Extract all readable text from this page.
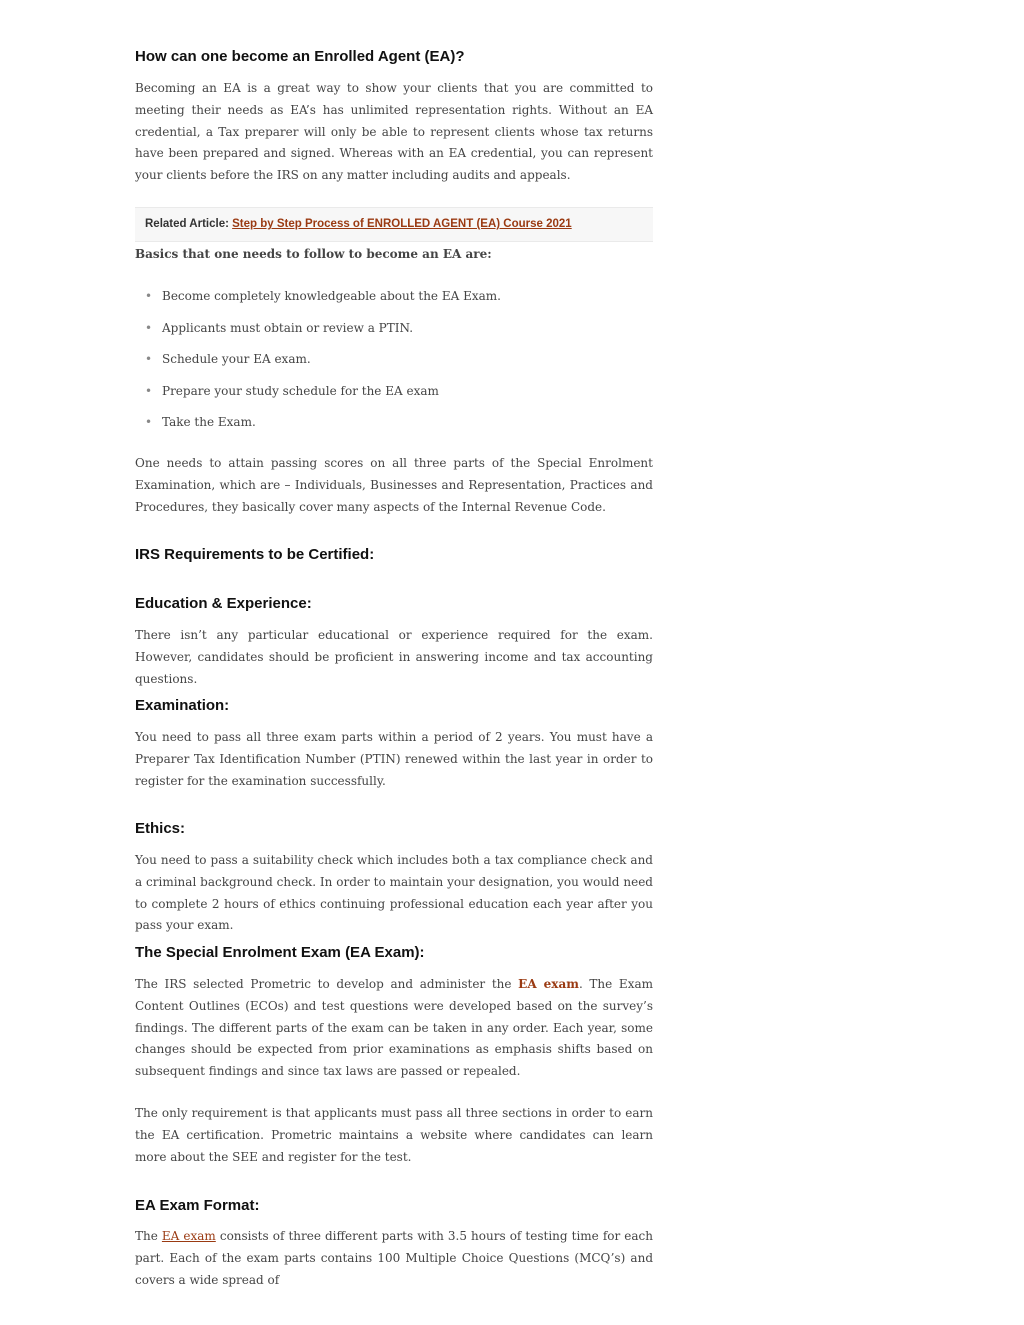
How can one become an Enrolled Agent (EA)?

Becoming an EA is a great way to show your clients that you are committed to meeting their needs as EA’s has unlimited representation rights. Without an EA credential, a Tax preparer will only be able to represent clients whose tax returns have been prepared and signed. Whereas with an EA credential, you can represent your clients before the IRS on any matter including audits and appeals.

Related Article: Step by Step Process of ENROLLED AGENT (EA) Course 2021

Basics that one needs to follow to become an EA are:

• Become completely knowledgeable about the EA Exam.
• Applicants must obtain or review a PTIN.
• Schedule your EA exam.
• Prepare your study schedule for the EA exam
• Take the Exam.

One needs to attain passing scores on all three parts of the Special Enrolment Examination, which are – Individuals, Businesses and Representation, Practices and Procedures, they basically cover many aspects of the Internal Revenue Code.

IRS Requirements to be Certified:
Education & Experience:

There isn’t any particular educational or experience required for the exam. However, candidates should be proficient in answering income and tax accounting questions.

Examination:

You need to pass all three exam parts within a period of 2 years. You must have a Preparer Tax Identification Number (PTIN) renewed within the last year in order to register for the examination successfully.

Ethics:

You need to pass a suitability check which includes both a tax compliance check and a criminal background check. In order to maintain your designation, you would need to complete 2 hours of ethics continuing professional education each year after you pass your exam.

The Special Enrolment Exam (EA Exam):

The IRS selected Prometric to develop and administer the EA exam. The Exam Content Outlines (ECOs) and test questions were developed based on the survey’s findings. The different parts of the exam can be taken in any order. Each year, some changes should be expected from prior examinations as emphasis shifts based on subsequent findings and since tax laws are passed or repealed.

The only requirement is that applicants must pass all three sections in order to earn the EA certification. Prometric maintains a website where candidates can learn more about the SEE and register for the test.

EA Exam Format:

The EA exam consists of three different parts with 3.5 hours of testing time for each part. Each of the exam parts contains 100 Multiple Choice Questions (MCQ’s) and covers a wide spread of
